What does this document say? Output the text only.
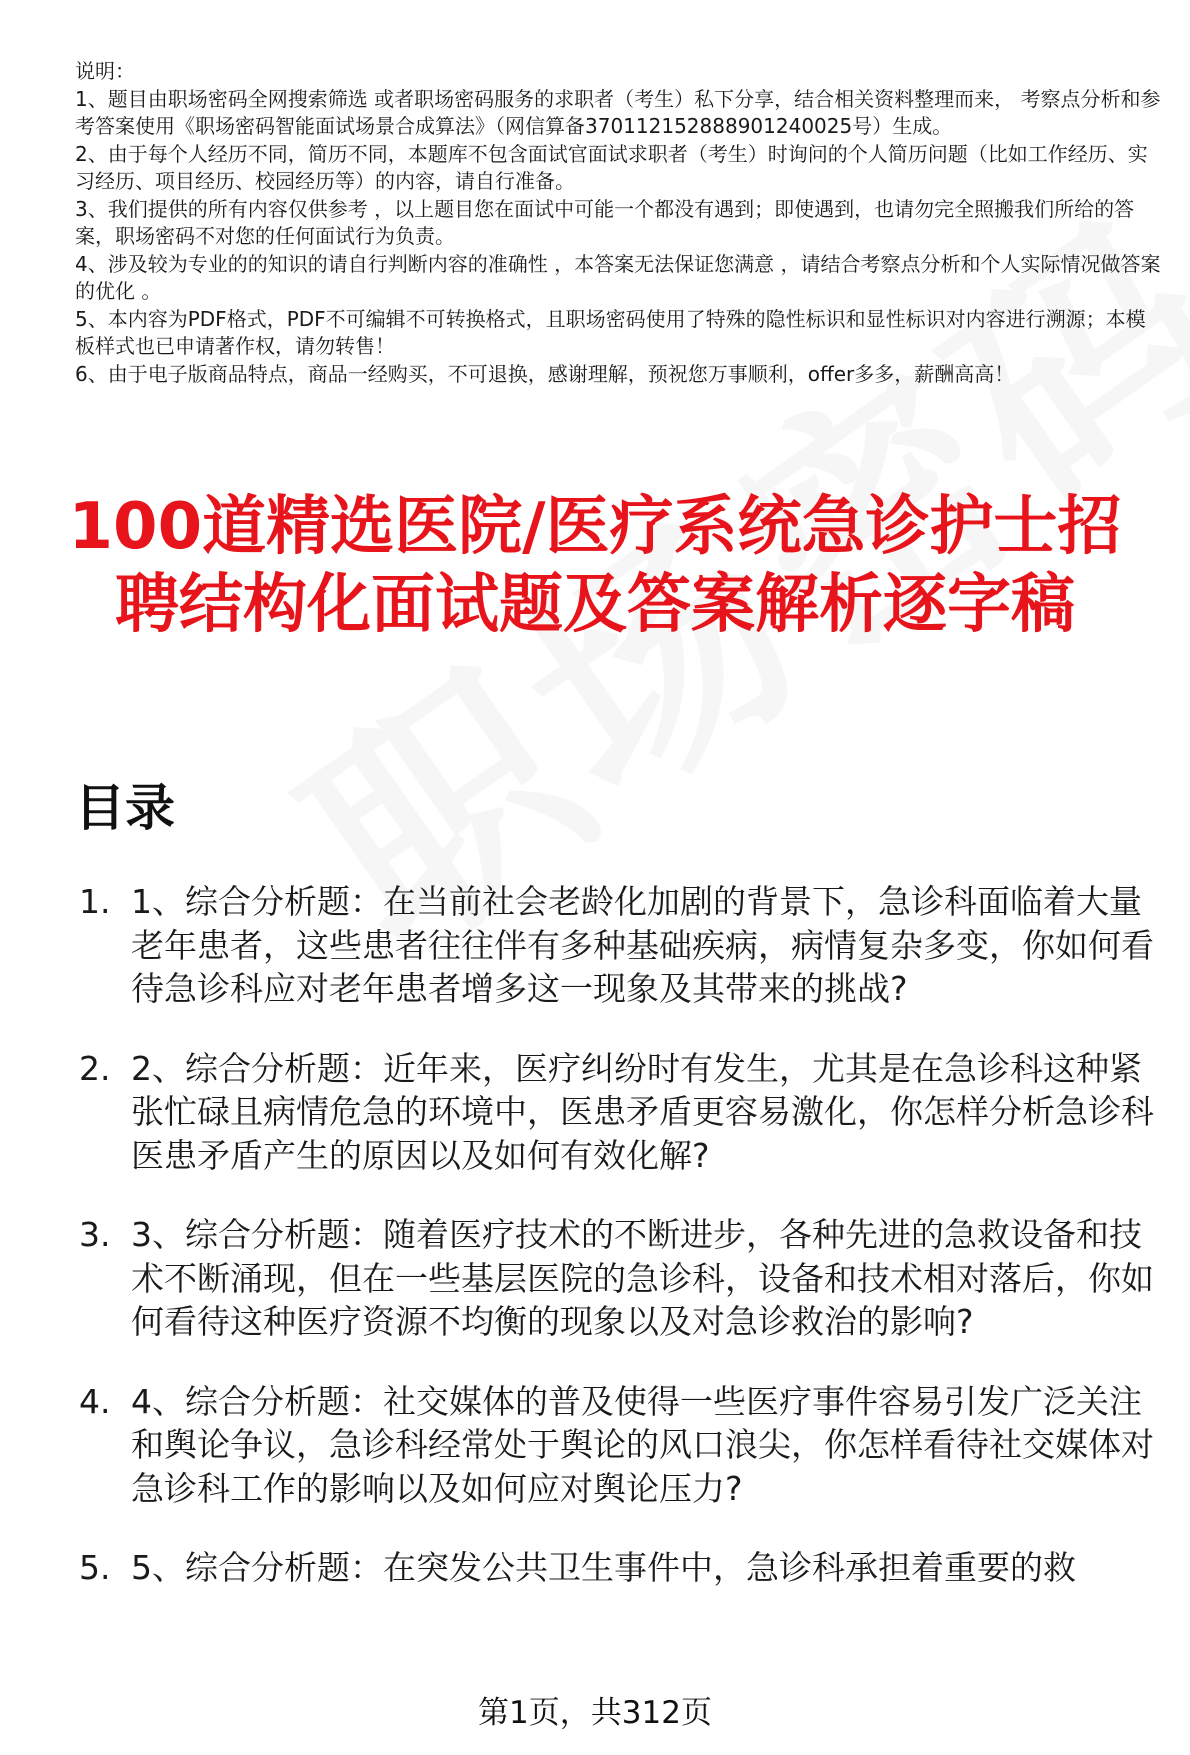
说明：

1、题目由职场密码全网搜索筛选 或者职场密码服务的求职者（考生）私下分享，结合相关资料整理而来， 考察点分析和参考答案使用《职场密码智能面试场景合成算法》（网信算备370112152888901240025号）生成。

2、由于每个人经历不同，简历不同，本题库不包含面试官面试求职者（考生）时询问的个人简历问题（比如工作经历、实习经历、项目经历、校园经历等）的内容，请自行准备。

3、我们提供的所有内容仅供参考 ，以上题目您在面试中可能一个都没有遇到；即使遇到，也请勿完全照搬我们所给的答案，职场密码不对您的任何面试行为负责。

4、涉及较为专业的的知识的请自行判断内容的准确性 ，本答案无法保证您满意 ，请结合考察点分析和个人实际情况做答案的优化 。

5、本内容为PDF格式，PDF不可编辑不可转换格式，且职场密码使用了特殊的隐性标识和显性标识对内容进行溯源；本模板样式也已申请著作权，请勿转售！

6、由于电子版商品特点，商品一经购买，不可退换，感谢理解，预祝您万事顺利，offer多多，薪酬高高！

100道精选医院/医疗系统急诊护士招聘结构化面试题及答案解析逐字稿
目录
1. 1、综合分析题：在当前社会老龄化加剧的背景下，急诊科面临着大量老年患者，这些患者往往伴有多种基础疾病，病情复杂多变，你如何看待急诊科应对老年患者增多这一现象及其带来的挑战?
2. 2、综合分析题：近年来，医疗纠纷时有发生，尤其是在急诊科这种紧张忙碌且病情危急的环境中，医患矛盾更容易激化，你怎样分析急诊科医患矛盾产生的原因以及如何有效化解?
3. 3、综合分析题：随着医疗技术的不断进步，各种先进的急救设备和技术不断涌现，但在一些基层医院的急诊科，设备和技术相对落后，你如何看待这种医疗资源不均衡的现象以及对急诊救治的影响?
4. 4、综合分析题：社交媒体的普及使得一些医疗事件容易引发广泛关注和舆论争议，急诊科经常处于舆论的风口浪尖，你怎样看待社交媒体对急诊科工作的影响以及如何应对舆论压力?
5. 5、综合分析题：在突发公共卫生事件中，急诊科承担着重要的救
第1页，共312页
